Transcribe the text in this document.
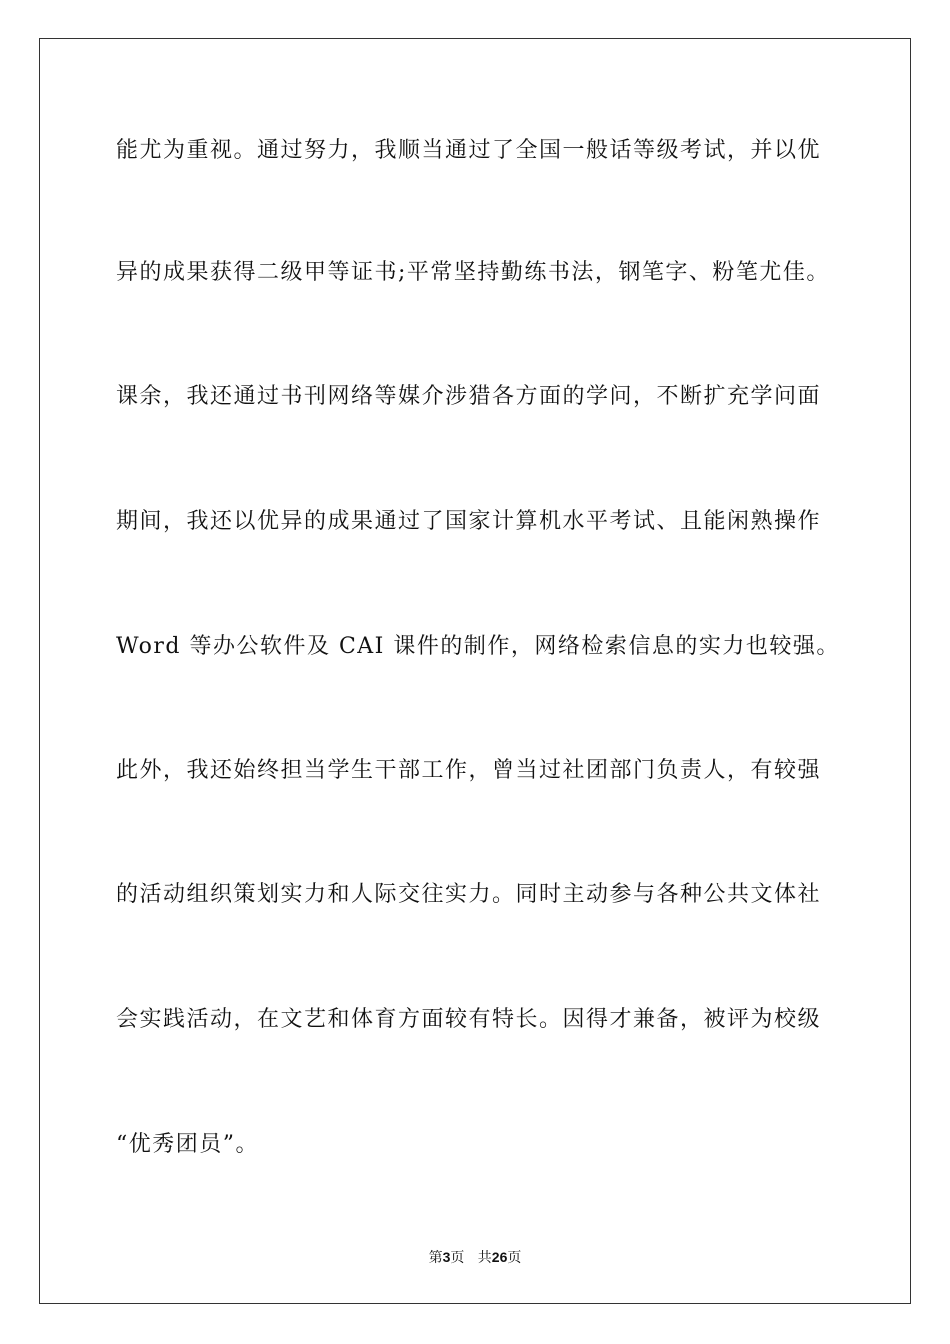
能尤为重视。通过努力，我顺当通过了全国一般话等级考试，并以优
异的成果获得二级甲等证书;平常坚持勤练书法，钢笔字、粉笔尤佳。
课余，我还通过书刊网络等媒介涉猎各方面的学问，不断扩充学问面
期间，我还以优异的成果通过了国家计算机水平考试、且能闲熟操作
Word 等办公软件及 CAI 课件的制作，网络检索信息的实力也较强。
此外，我还始终担当学生干部工作，曾当过社团部门负责人，有较强
的活动组织策划实力和人际交往实力。同时主动参与各种公共文体社
会实践活动，在文艺和体育方面较有特长。因得才兼备，被评为校级
“优秀团员”。
第3页 共26页
